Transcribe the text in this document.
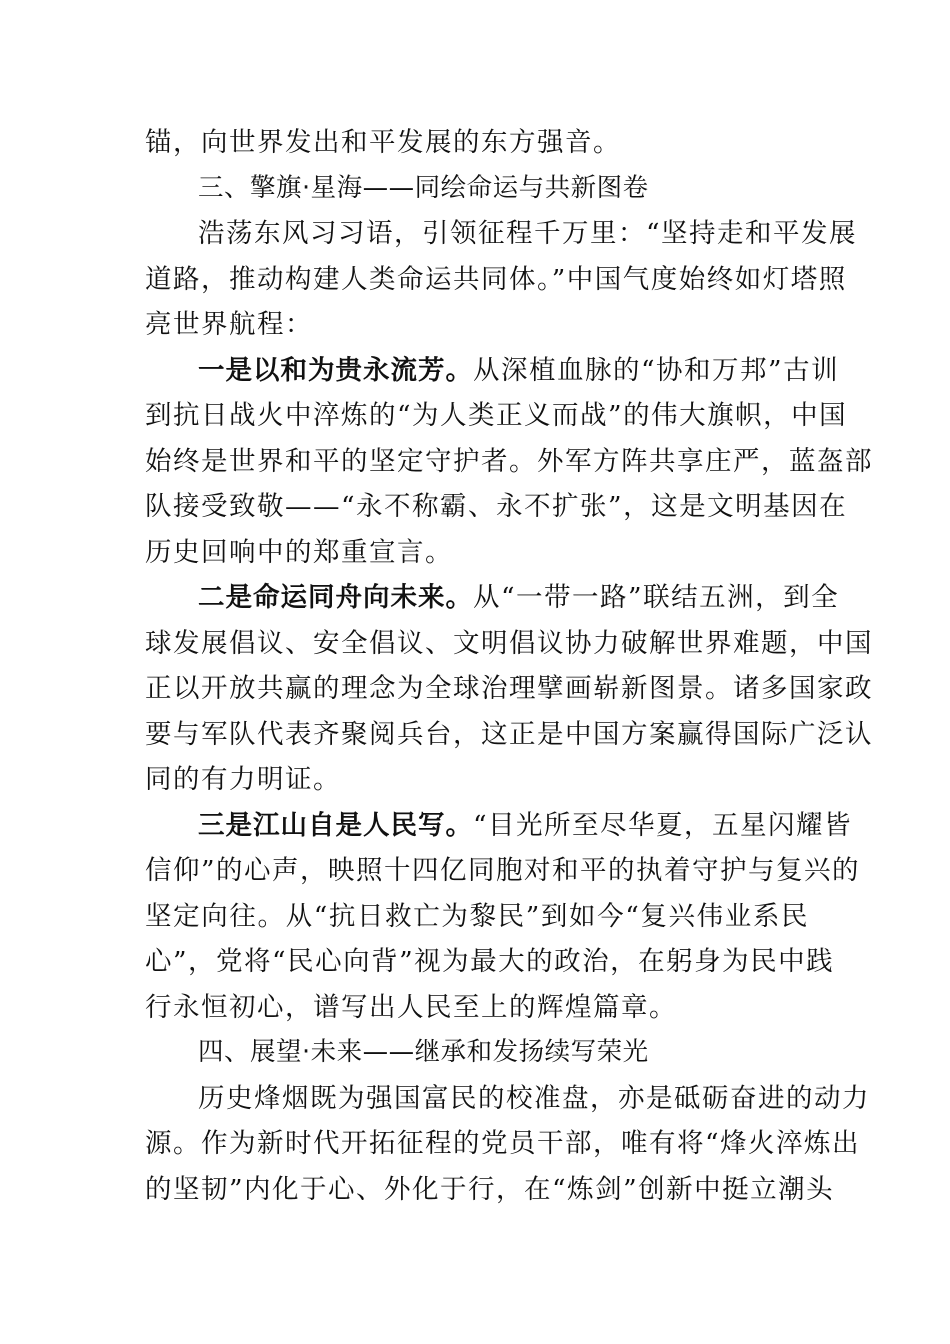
锚，向世界发出和平发展的东方强音。
三、擎旗·星海——同绘命运与共新图卷
浩荡东风习习语，引领征程千万里：“坚持走和平发展
道路，推动构建人类命运共同体。”中国气度始终如灯塔照
亮世界航程：
一是以和为贵永流芳。从深植血脉的“协和万邦”古训
到抗日战火中淬炼的“为人类正义而战”的伟大旗帜，中国
始终是世界和平的坚定守护者。外军方阵共享庄严，蓝盔部
队接受致敬——“永不称霸、永不扩张”，这是文明基因在
历史回响中的郑重宣言。
二是命运同舟向未来。从“一带一路”联结五洲，到全
球发展倡议、安全倡议、文明倡议协力破解世界难题，中国
正以开放共赢的理念为全球治理擘画崭新图景。诸多国家政
要与军队代表齐聚阅兵台，这正是中国方案赢得国际广泛认
同的有力明证。
三是江山自是人民写。“目光所至尽华夏，五星闪耀皆
信仰”的心声，映照十四亿同胞对和平的执着守护与复兴的
坚定向往。从“抗日救亡为黎民”到如今“复兴伟业系民
心”，党将“民心向背”视为最大的政治，在躬身为民中践
行永恒初心，谱写出人民至上的辉煌篇章。
四、展望·未来——继承和发扬续写荣光
历史烽烟既为强国富民的校准盘，亦是砥砺奋进的动力
源。作为新时代开拓征程的党员干部，唯有将“烽火淬炼出
的坚韧”内化于心、外化于行，在“炼剑”创新中挺立潮头
